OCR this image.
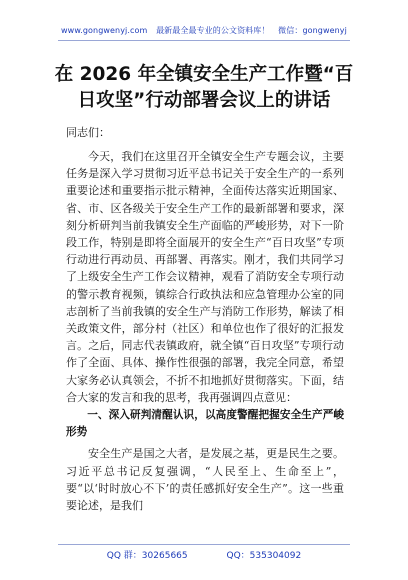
www.gongwenyj.com 最新最全最专业的公文资料库！ 微信：gongwenyj
在 2026 年全镇安全生产工作暨“百日攻坚”行动部署会议上的讲话
同志们：

今天，我们在这里召开全镇安全生产专题会议，主要任务是深入学习贯彻习近平总书记关于安全生产的一系列重要论述和重要指示批示精神，全面传达落实近期国家、省、市、区各级关于安全生产工作的最新部署和要求，深刻分析研判当前我镇安全生产面临的严峻形势，对下一阶段工作，特别是即将全面展开的安全生产“百日攻坚”专项行动进行再动员、再部署、再落实。刚才，我们共同学习了上级安全生产工作会议精神，观看了消防安全专项行动的警示教育视频，镇综合行政执法和应急管理办公室的同志剖析了当前我镇的安全生产与消防工作形势，解读了相关政策文件，部分村（社区）和单位也作了很好的汇报发言。之后，同志代表镇政府，就全镇“百日攻坚”专项行动作了全面、具体、操作性很强的部署，我完全同意，希望大家务必认真领会，不折不扣地抓好贯彻落实。下面，结合大家的发言和我的思考，我再强调四点意见：

一、深入研判清醒认识，以高度警醒把握安全生产严峻形势

安全生产是国之大者，是发展之基，更是民生之要。习近平总书记反复强调，“人民至上、生命至上”，要“以‘时时放心不下’的责任感抓好安全生产”。这一些重要论述，是我们

QQ 群：30265665	QQ：535304092
